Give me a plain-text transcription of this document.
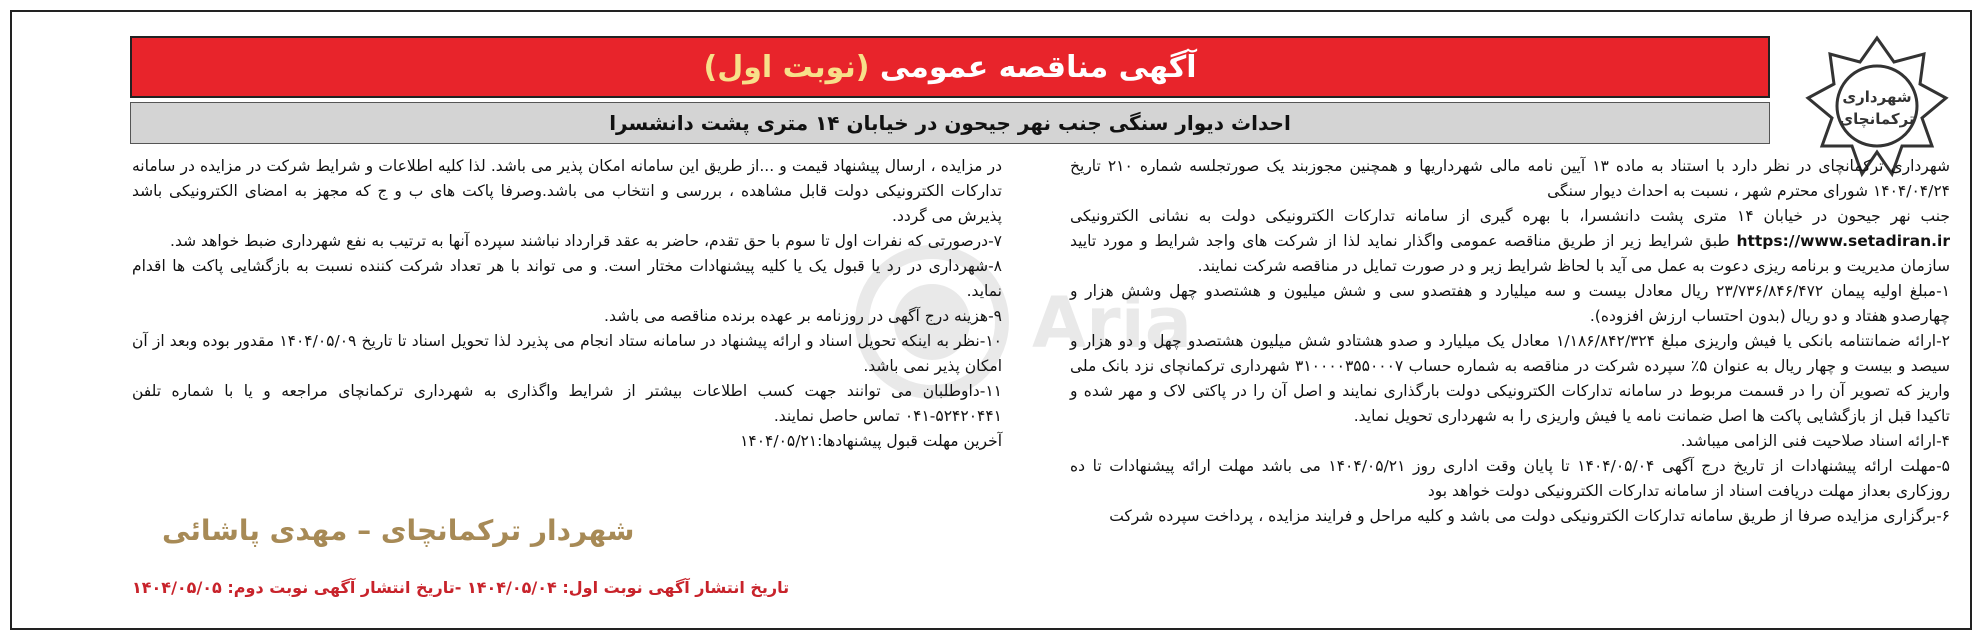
Aria
شهرداری
ترکمانچای
آگهی مناقصه عمومی (نوبت اول)
احداث دیوار سنگی جنب نهر جیحون در خیابان ۱۴ متری پشت دانشسرا

شهرداری ترکمانچای در نظر دارد با استناد به ماده ۱۳ آیین نامه مالی شهرداریها و همچنین مجوزبند یک صورتجلسه شماره ۲۱۰ تاریخ ۱۴۰۴/۰۴/۲۴ شورای محترم شهر ، نسبت به احداث دیوار سنگی

جنب نهر جیحون در خیابان ۱۴ متری پشت دانشسرا، با بهره گیری از سامانه تدارکات الکترونیکی دولت به نشانی الکترونیکی https://www.setadiran.ir طبق شرایط زیر از طریق مناقصه عمومی واگذار نماید لذا از شرکت های واجد شرایط و مورد تایید سازمان مدیریت و برنامه ریزی دعوت به عمل می آید با لحاظ شرایط زیر و در صورت تمایل در مناقصه شرکت نمایند.

۱-مبلغ اولیه پیمان ۲۳/۷۳۶/۸۴۶/۴۷۲ ریال معادل بیست و سه میلیارد و هفتصدو سی و شش میلیون و هشتصدو چهل وشش هزار و چهارصدو هفتاد و دو ریال (بدون احتساب ارزش افزوده).

۲-ارائه ضمانتنامه بانکی یا فیش واریزی مبلغ ۱/۱۸۶/۸۴۲/۳۲۴ معادل یک میلیارد و صدو هشتادو شش میلیون هشتصدو چهل و دو هزار و سیصد و بیست و چهار ریال به عنوان ۵٪ سپرده شرکت در مناقصه به شماره حساب ۳۱۰۰۰۰۳۵۵۰۰۰۷ شهرداری ترکمانچای نزد بانک ملی واریز که تصویر آن را در قسمت مربوط در سامانه تدارکات الکترونیکی دولت بارگذاری نمایند و اصل آن را در پاکتی لاک و مهر شده و تاکیدا قبل از بازگشایی پاکت ها اصل ضمانت نامه یا فیش واریزی را به شهرداری تحویل نماید.

۴-ارائه اسناد صلاحیت فنی الزامی میباشد.

۵-مهلت ارائه پیشنهادات از تاریخ درج آگهی ۱۴۰۴/۰۵/۰۴ تا پایان وقت اداری روز ۱۴۰۴/۰۵/۲۱ می باشد مهلت ارائه پیشنهادات تا ده روزکاری بعداز مهلت دریافت اسناد از سامانه تدارکات الکترونیکی دولت خواهد بود

۶-برگزاری مزایده صرفا از طریق سامانه تدارکات الکترونیکی دولت می باشد و کلیه مراحل و فرایند مزایده ، پرداخت سپرده شرکت

در مزایده ، ارسال پیشنهاد قیمت و ...از طریق این سامانه امکان پذیر می باشد. لذا کلیه اطلاعات و شرایط شرکت در مزایده در سامانه تدارکات الکترونیکی دولت قابل مشاهده ، بررسی و انتخاب می باشد.وصرفا پاکت های ب و ج که مجهز به امضای الکترونیکی باشد پذیرش می گردد.

۷-درصورتی که نفرات اول تا سوم با حق تقدم، حاضر به عقد قرارداد نباشند سپرده آنها به ترتیب به نفع شهرداری ضبط خواهد شد.

۸-شهرداری در رد یا قبول یک یا کلیه پیشنهادات مختار است. و می تواند با هر تعداد شرکت کننده نسبت به بازگشایی پاکت ها اقدام نماید.

۹-هزینه درج آگهی در روزنامه بر عهده برنده مناقصه می باشد.

۱۰-نظر به اینکه تحویل اسناد و ارائه پیشنهاد در سامانه ستاد انجام می پذیرد لذا تحویل اسناد تا تاریخ ۱۴۰۴/۰۵/۰۹ مقدور بوده وبعد از آن امکان پذیر نمی باشد.

۱۱-داوطلبان می توانند جهت کسب اطلاعات بیشتر از شرایط واگذاری به شهرداری ترکمانچای مراجعه و یا با شماره تلفن ۵۲۴۲۰۴۴۱-۰۴۱ تماس حاصل نمایند.

آخرین مهلت قبول پیشنهادها:۱۴۰۴/۰۵/۲۱

شهردار ترکمانچای – مهدی پاشائی
تاریخ انتشار آگهی نوبت اول: ۱۴۰۴/۰۵/۰۴ -تاریخ انتشار آگهی نوبت دوم: ۱۴۰۴/۰۵/۰۵
